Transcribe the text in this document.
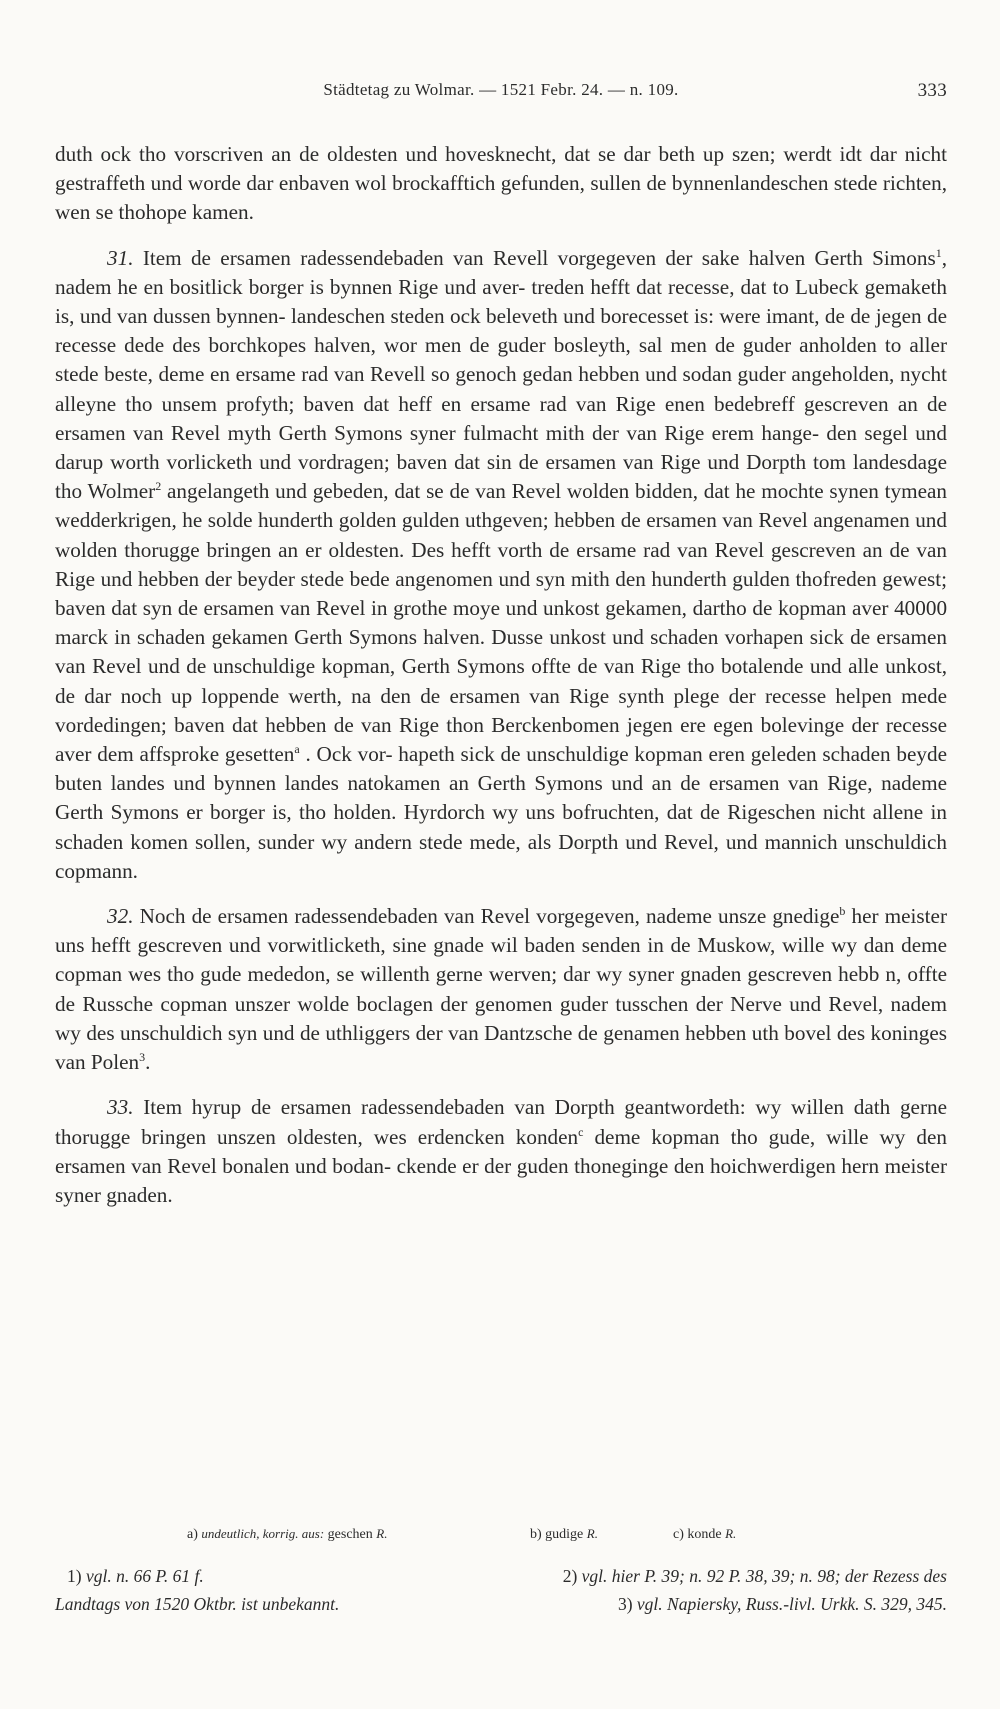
Städtetag zu Wolmar. — 1521 Febr. 24. — n. 109.	333

duth ock tho vorscriven an de oldesten und hovesknecht, dat se dar beth up szen; werdt idt dar nicht gestraffeth und worde dar enbaven wol brockafftich gefunden, sullen de bynnenlandeschen stede richten, wen se thohope kamen.

31. Item de ersamen radessendebaden van Revell vorgegeven der sake halven Gerth Simons$^1$, nadem he en bositlick borger is bynnen Rige und aver- treden hefft dat recesse, dat to Lubeck gemaketh is, und van dussen bynnen- landeschen steden ock beleveth und borecesset is: were imant, de de jegen de recesse dede des borchkopes halven, wor men de guder bosleyth, sal men de guder anholden to aller stede beste, deme en ersame rad van Revell so genoch gedan hebben und sodan guder angeholden, nycht alleyne tho unsem profyth; baven dat heff en ersame rad van Rige enen bedebreff gescreven an de ersamen van Revel myth Gerth Symons syner fulmacht mith der van Rige erem hange- den segel und darup worth vorlicketh und vordragen; baven dat sin de ersamen van Rige und Dorpth tom landesdage tho Wolmer$^2$ angelangeth und gebeden, dat se de van Revel wolden bidden, dat he mochte synen tymean wedderkrigen, he solde hunderth golden gulden uthgeven; hebben de ersamen van Revel angenamen und wolden thorugge bringen an er oldesten. Des hefft vorth de ersame rad van Revel gescreven an de van Rige und hebben der beyder stede bede angenomen und syn mith den hunderth gulden thofreden gewest; baven dat syn de ersamen van Revel in grothe moye und unkost gekamen, dartho de kopman aver 40000 marck in schaden gekamen Gerth Symons halven. Dusse unkost und schaden vorhapen sick de ersamen van Revel und de unschuldige kopman, Gerth Symons offte de van Rige tho botalende und alle unkost, de dar noch up loppende werth, na den de ersamen van Rige synth plege der recesse helpen mede vordedingen; baven dat hebben de van Rige thon Berckenbomen jegen ere egen bolevinge der recesse aver dem affsproke gesetten$^a$ . Ock vor- hapeth sick de unschuldige kopman eren geleden schaden beyde buten landes und bynnen landes natokamen an Gerth Symons und an de ersamen van Rige, nademe Gerth Symons er borger is, tho holden. Hyrdorch wy uns bofruchten, dat de Rigeschen nicht allene in schaden komen sollen, sunder wy andern stede mede, als Dorpth und Revel, und mannich unschuldich copmann.

32. Noch de ersamen radessendebaden van Revel vorgegeven, nademe unsze gnedige$^b$ her meister uns hefft gescreven und vorwitlicketh, sine gnade wil baden senden in de Muskow, wille wy dan deme copman wes tho gude mededon, se willenth gerne werven; dar wy syner gnaden gescreven hebb n, offte de Russche copman unszer wolde boclagen der genomen guder tusschen der Nerve und Revel, nadem wy des unschuldich syn und de uthliggers der van Dantzsche de genamen hebben uth bovel des koninges van Polen$^3$.

33. Item hyrup de ersamen radessendebaden van Dorpth geantwordeth: wy willen dath gerne thorugge bringen unszen oldesten, wes erdencken konden$^c$ deme kopman tho gude, wille wy den ersamen van Revel bonalen und bodan- ckende er der guden thoneginge den hoichwerdigen hern meister syner gnaden.

a) undeutlich, korrig. aus: geschen R.	b) gudige R.	c) konde R.
1) vgl. n. 66 P. 61 f.	2) vgl. hier P. 39; n. 92 P. 38, 39; n. 98; der Rezess des
Landtags von 1520 Oktbr. ist unbekannt.	3) vgl. Napiersky, Russ.-livl. Urkk. S. 329, 345.
